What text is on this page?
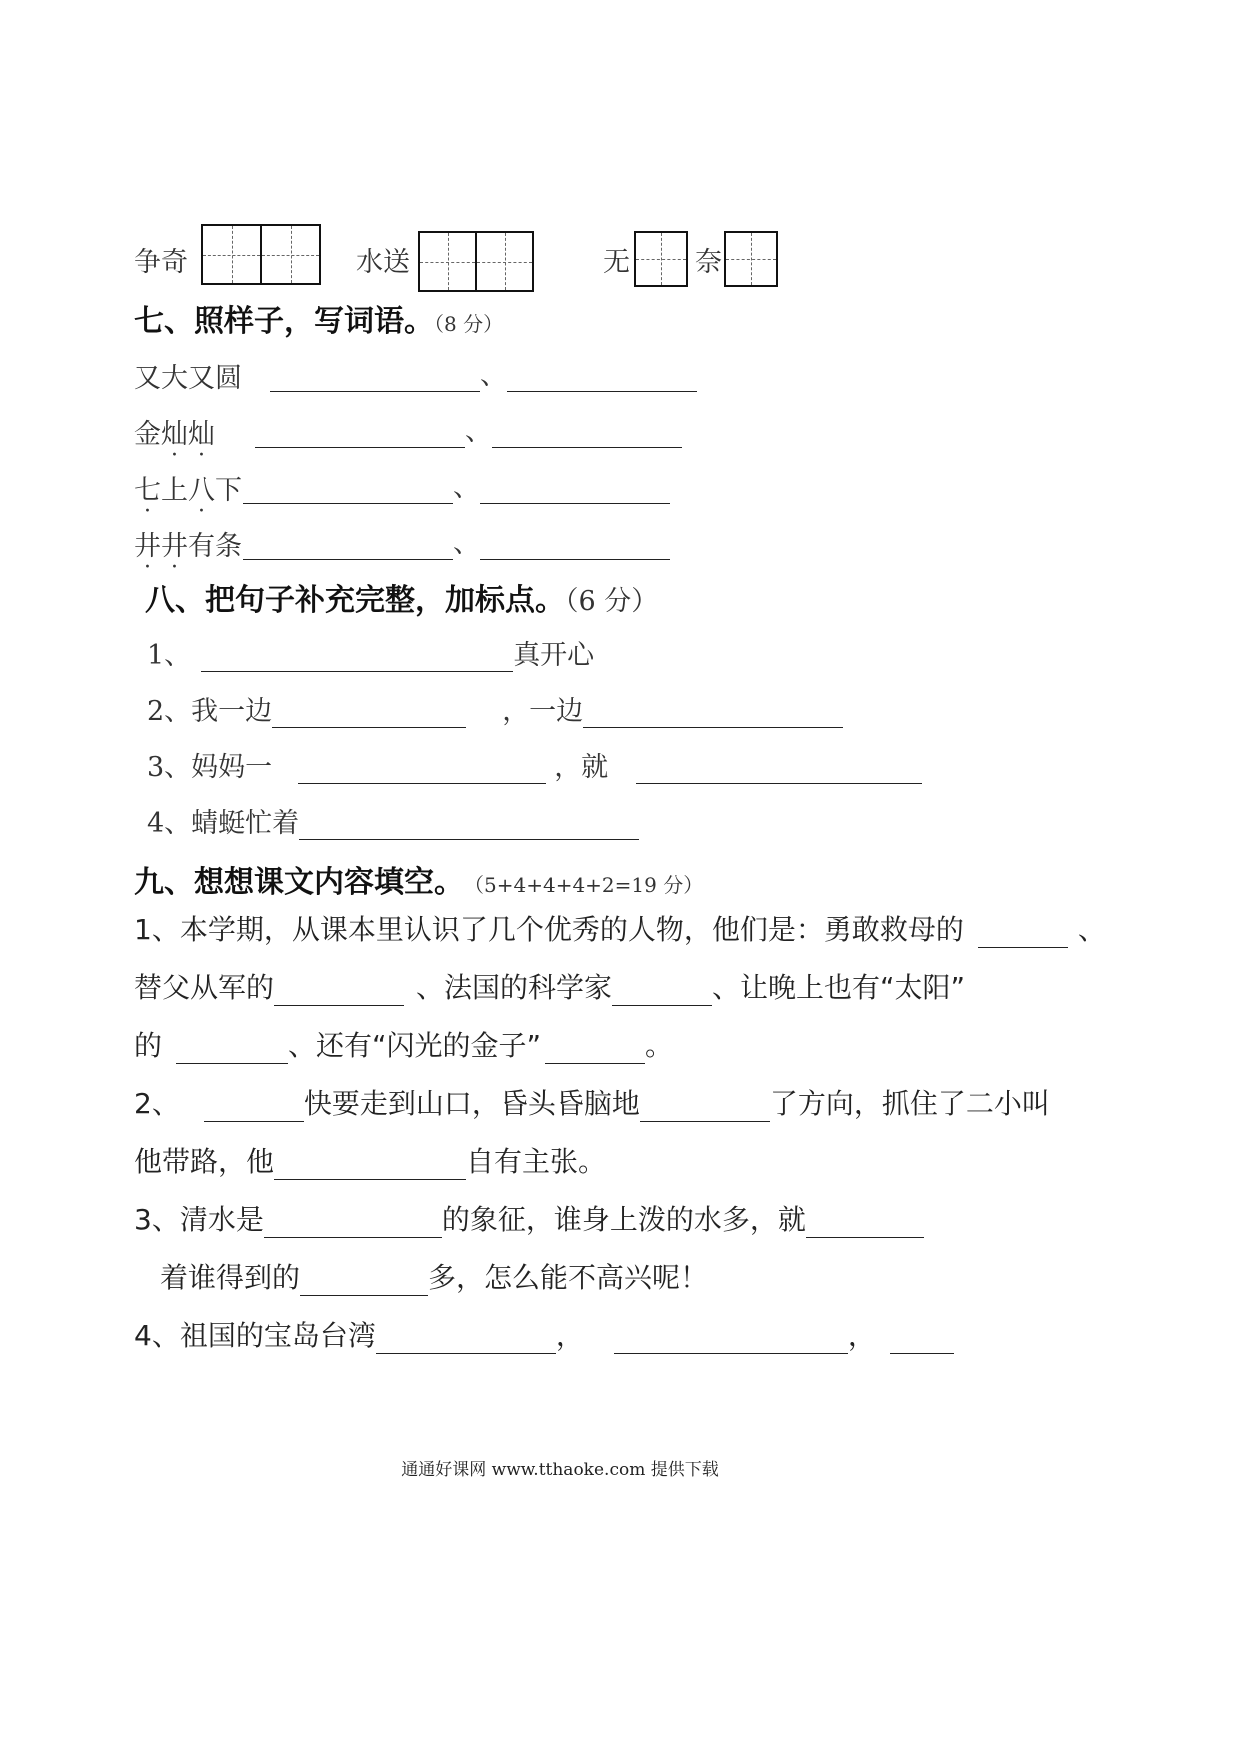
争奇	水送	无 奈
七、照样子，写词语。（8 分）
又大又圆	、
金灿灿	、
七上八下	、
井井有条	、
八、把句子补充完整，加标点。（6 分）
1、	真开心
2、我一边	，一边
3、妈妈一	，就
4、蜻蜓忙着
九、想想课文内容填空。 （5+4+4+4+2=19 分）
1、本学期，从课本里认识了几个优秀的人物，他们是：勇敢救母的	、
替父从军的	、法国的科学家	、让晚上也有“太阳”
的	、还有“闪光的金子”	。
2、	快要走到山口，昏头昏脑地	了方向，抓住了二小叫
他带路，他	自有主张。
3、清水是	的象征，谁身上泼的水多，就
着谁得到的	多，怎么能不高兴呢！
4、祖国的宝岛台湾	，	，
通通好课网 www.tthaoke.com 提供下载
